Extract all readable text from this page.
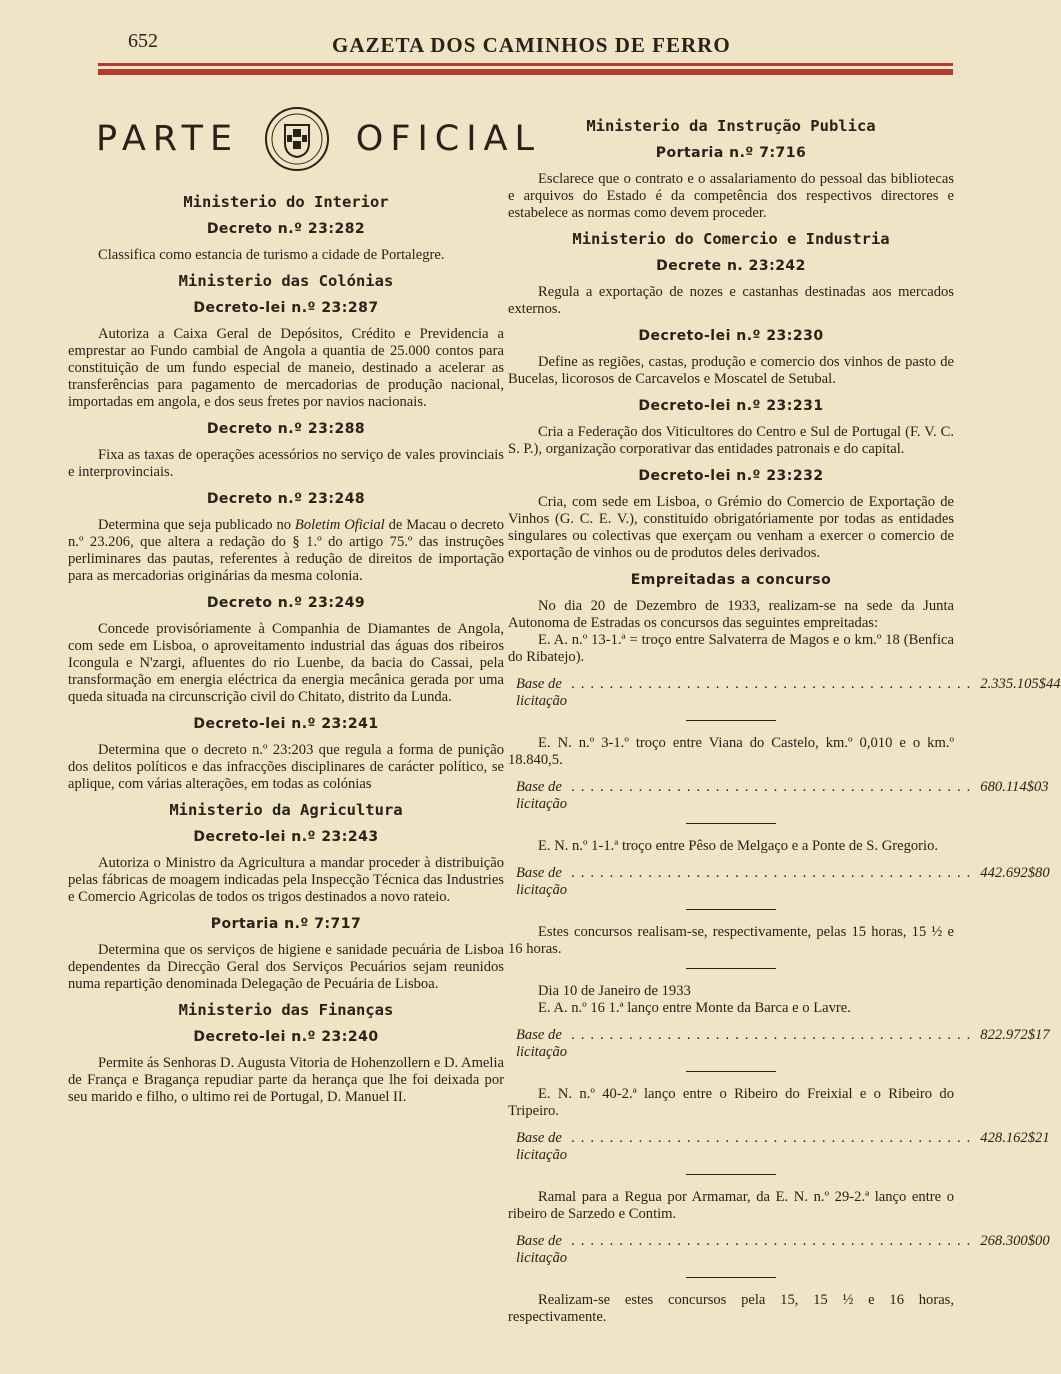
652	GAZETA DOS CAMINHOS DE FERRO
PARTE	OFICIAL
Ministerio do Interior
Decreto n.º 23:282

Classifica como estancia de turismo a cidade de Portalegre.

Ministerio das Colónias
Decreto-lei n.º 23:287

Autoriza a Caixa Geral de Depósitos, Crédito e Previdencia a emprestar ao Fundo cambial de Angola a quantia de 25.000 contos para constituição de um fundo especial de maneio, destinado a acelerar as transferências para pagamento de mercadorias de produção nacional, importadas em angola, e dos seus fretes por navios nacionais.

Decreto n.º 23:288

Fixa as taxas de operações acessórios no serviço de vales provinciais e interprovinciais.

Decreto n.º 23:248

Determina que seja publicado no Boletim Oficial de Macau o decreto n.º 23.206, que altera a redação do § 1.º do artigo 75.º das instruções perliminares das pautas, referentes à redução de direitos de importação para as mercadorias originárias da mesma colonia.

Decreto n.º 23:249

Concede provisóriamente à Companhia de Diamantes de Angola, com sede em Lisboa, o aproveitamento industrial das águas dos ribeiros Icongula e N'zargi, afluentes do rio Luenbe, da bacia do Cassai, pela transformação em energia eléctrica da energia mecânica gerada por uma queda situada na circunscrição civil do Chitato, distrito da Lunda.

Decreto-lei n.º 23:241

Determina que o decreto n.º 23:203 que regula a forma de punição dos delitos políticos e das infracções disciplinares de carácter político, se aplique, com várias alterações, em todas as colónias

Ministerio da Agricultura
Decreto-lei n.º 23:243

Autoriza o Ministro da Agricultura a mandar proceder à distribuição pelas fábricas de moagem indicadas pela Inspecção Técnica das Industries e Comercio Agricolas de todos os trigos destinados a novo rateio.

Portaria n.º 7:717

Determina que os serviços de higiene e sanidade pecuária de Lisboa dependentes da Direcção Geral dos Serviços Pecuários sejam reunidos numa repartição denominada Delegação de Pecuária de Lisboa.

Ministerio das Finanças
Decreto-lei n.º 23:240

Permite ás Senhoras D. Augusta Vitoria de Hohenzollern e D. Amelia de França e Bragança repudiar parte da herança que lhe foi deixada por seu marido e filho, o ultimo rei de Portugal, D. Manuel II.

Ministerio da Instrução Publica
Portaria n.º 7:716

Esclarece que o contrato e o assalariamento do pessoal das bibliotecas e arquivos do Estado é da competência dos respectivos directores e estabelece as normas como devem proceder.

Ministerio do Comercio e Industria
Decrete n. 23:242

Regula a exportação de nozes e castanhas destinadas aos mercados externos.

Decreto-lei n.º 23:230

Define as regiões, castas, produção e comercio dos vinhos de pasto de Bucelas, licorosos de Carcavelos e Moscatel de Setubal.

Decreto-lei n.º 23:231

Cria a Federação dos Viticultores do Centro e Sul de Portugal (F. V. C. S. P.), organização corporativar das entidades patronais e do capital.

Decreto-lei n.º 23:232

Cria, com sede em Lisboa, o Grémio do Comercio de Exportação de Vinhos (G. C. E. V.), constituido obrigatóriamente por todas as entidades singulares ou colectivas que exerçam ou venham a exercer o comercio de exportação de vinhos ou de produtos deles derivados.

Empreitadas a concurso

No dia 20 de Dezembro de 1933, realizam-se na sede da Junta Autonoma de Estradas os concursos das seguintes empreitadas:

E. A. n.º 13-1.ª = troço entre Salvaterra de Magos e o km.º 18 (Benfica do Ribatejo).

Base de licitação
.......................................... 2.335.105$44

E. N. n.º 3-1.º troço entre Viana do Castelo, km.º 0,010 e o km.º 18.840,5.

Base de licitação
.......................................... 680.114$03

E. N. n.º 1-1.ª troço entre Pêso de Melgaço e a Ponte de S. Gregorio.

Base de licitação
.......................................... 442.692$80

Estes concursos realisam-se, respectivamente, pelas 15 horas, 15 ½ e 16 horas.

Dia 10 de Janeiro de 1933

E. A. n.º 16 1.ª lanço entre Monte da Barca e o Lavre.

Base de licitação
.......................................... 822.972$17

E. N. n.º 40-2.ª lanço entre o Ribeiro do Freixial e o Ribeiro do Tripeiro.

Base de licitação
.......................................... 428.162$21

Ramal para a Regua por Armamar, da E. N. n.º 29-2.ª lanço entre o ribeiro de Sarzedo e Contim.

Base de licitação
.......................................... 268.300$00

Realizam-se estes concursos pela 15, 15 ½ e 16 horas, respectivamente.
